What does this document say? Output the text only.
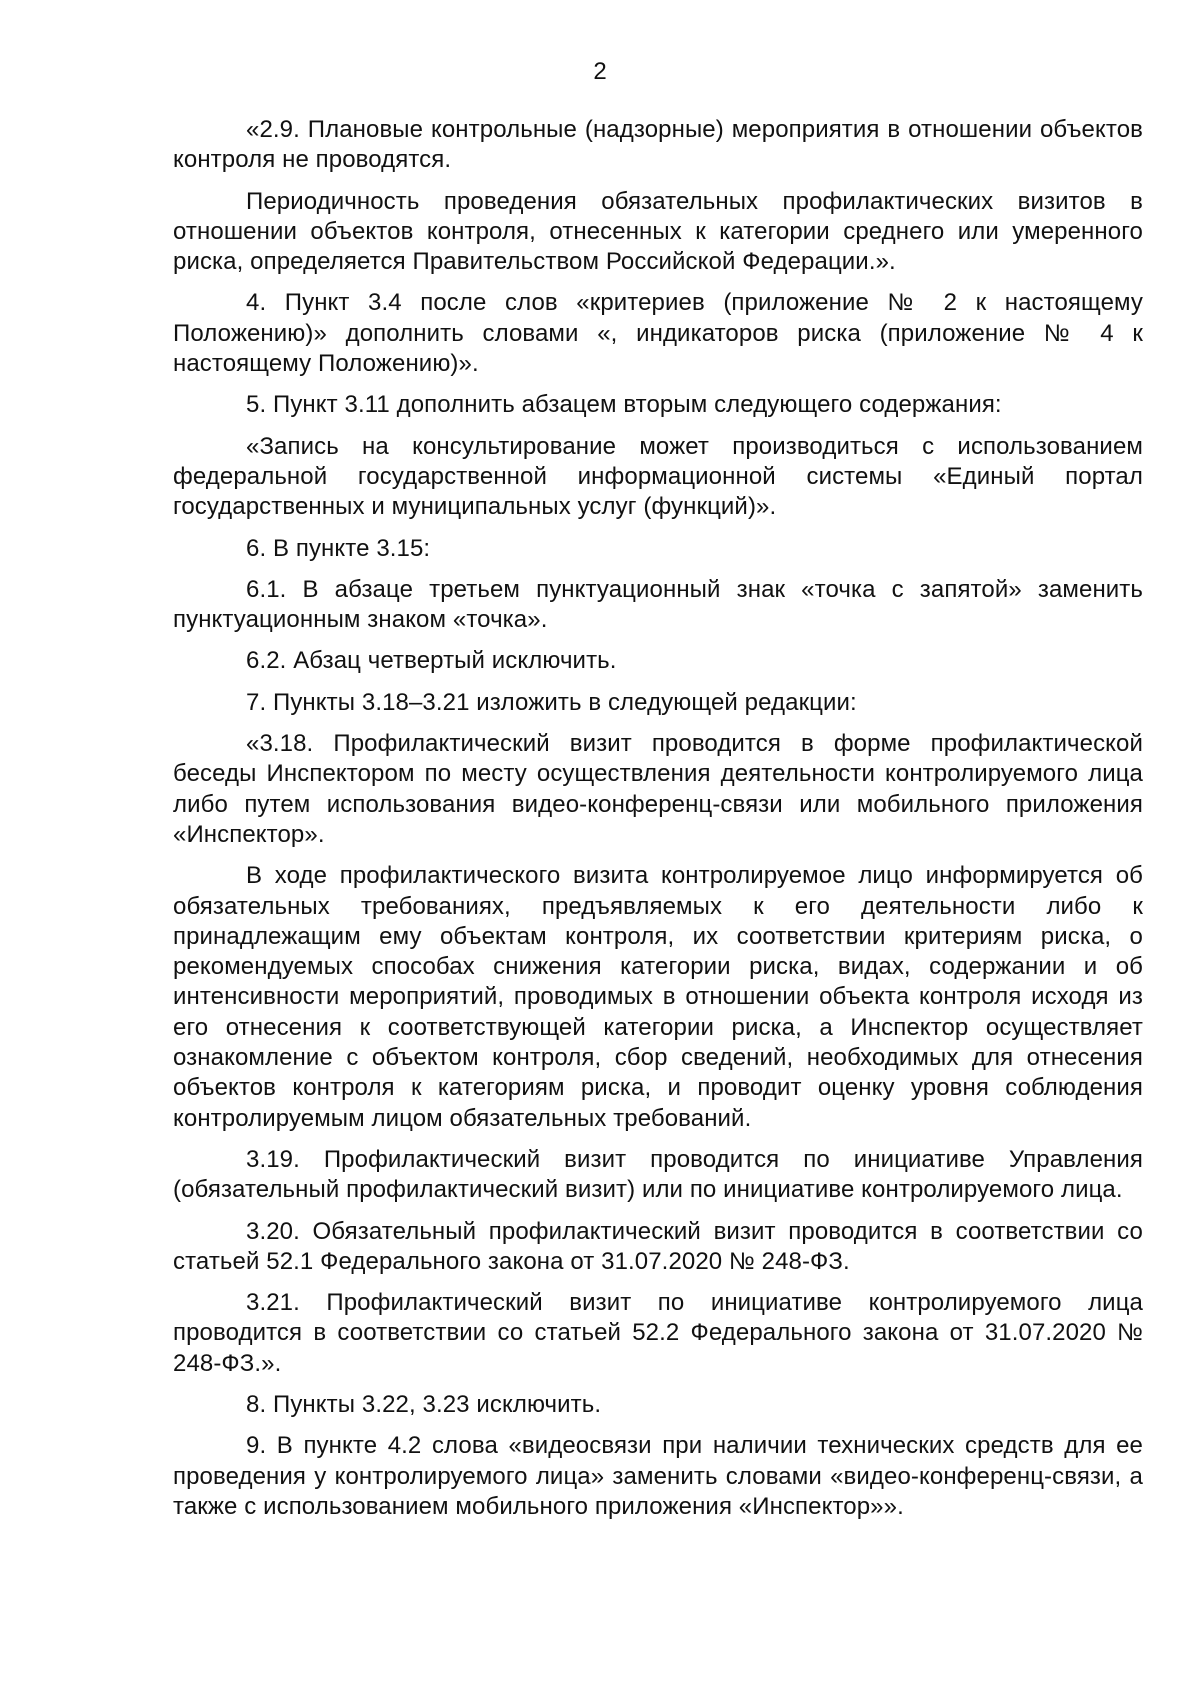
2

«2.9. Плановые контрольные (надзорные) мероприятия в отношении объектов контроля не проводятся.

Периодичность проведения обязательных профилактических визитов в отношении объектов контроля, отнесенных к категории среднего или умеренного риска, определяется Правительством Российской Федерации.».

4. Пункт 3.4 после слов «критериев (приложение № 2 к настоящему Положению)» дополнить словами «, индикаторов риска (приложение № 4 к настоящему Положению)».

5. Пункт 3.11 дополнить абзацем вторым следующего содержания:

«Запись на консультирование может производиться с использованием федеральной государственной информационной системы «Единый портал государственных и муниципальных услуг (функций)».

6. В пункте 3.15:

6.1. В абзаце третьем пунктуационный знак «точка с запятой» заменить пунктуационным знаком «точка».

6.2. Абзац четвертый исключить.

7. Пункты 3.18–3.21 изложить в следующей редакции:

«3.18. Профилактический визит проводится в форме профилактической беседы Инспектором по месту осуществления деятельности контролируемого лица либо путем использования видео-конференц-связи или мобильного приложения «Инспектор».

В ходе профилактического визита контролируемое лицо информируется об обязательных требованиях, предъявляемых к его деятельности либо к принадлежащим ему объектам контроля, их соответствии критериям риска, о рекомендуемых способах снижения категории риска, видах, содержании и об интенсивности мероприятий, проводимых в отношении объекта контроля исходя из его отнесения к соответствующей категории риска, а Инспектор осуществляет ознакомление с объектом контроля, сбор сведений, необходимых для отнесения объектов контроля к категориям риска, и проводит оценку уровня соблюдения контролируемым лицом обязательных требований.

3.19. Профилактический визит проводится по инициативе Управления (обязательный профилактический визит) или по инициативе контролируемого лица.

3.20. Обязательный профилактический визит проводится в соответствии со статьей 52.1 Федерального закона от 31.07.2020 № 248-ФЗ.

3.21. Профилактический визит по инициативе контролируемого лица проводится в соответствии со статьей 52.2 Федерального закона от 31.07.2020 № 248-ФЗ.».

8. Пункты 3.22, 3.23 исключить.

9. В пункте 4.2 слова «видеосвязи при наличии технических средств для ее проведения у контролируемого лица» заменить словами «видео-конференц-связи, а также с использованием мобильного приложения «Инспектор»».
